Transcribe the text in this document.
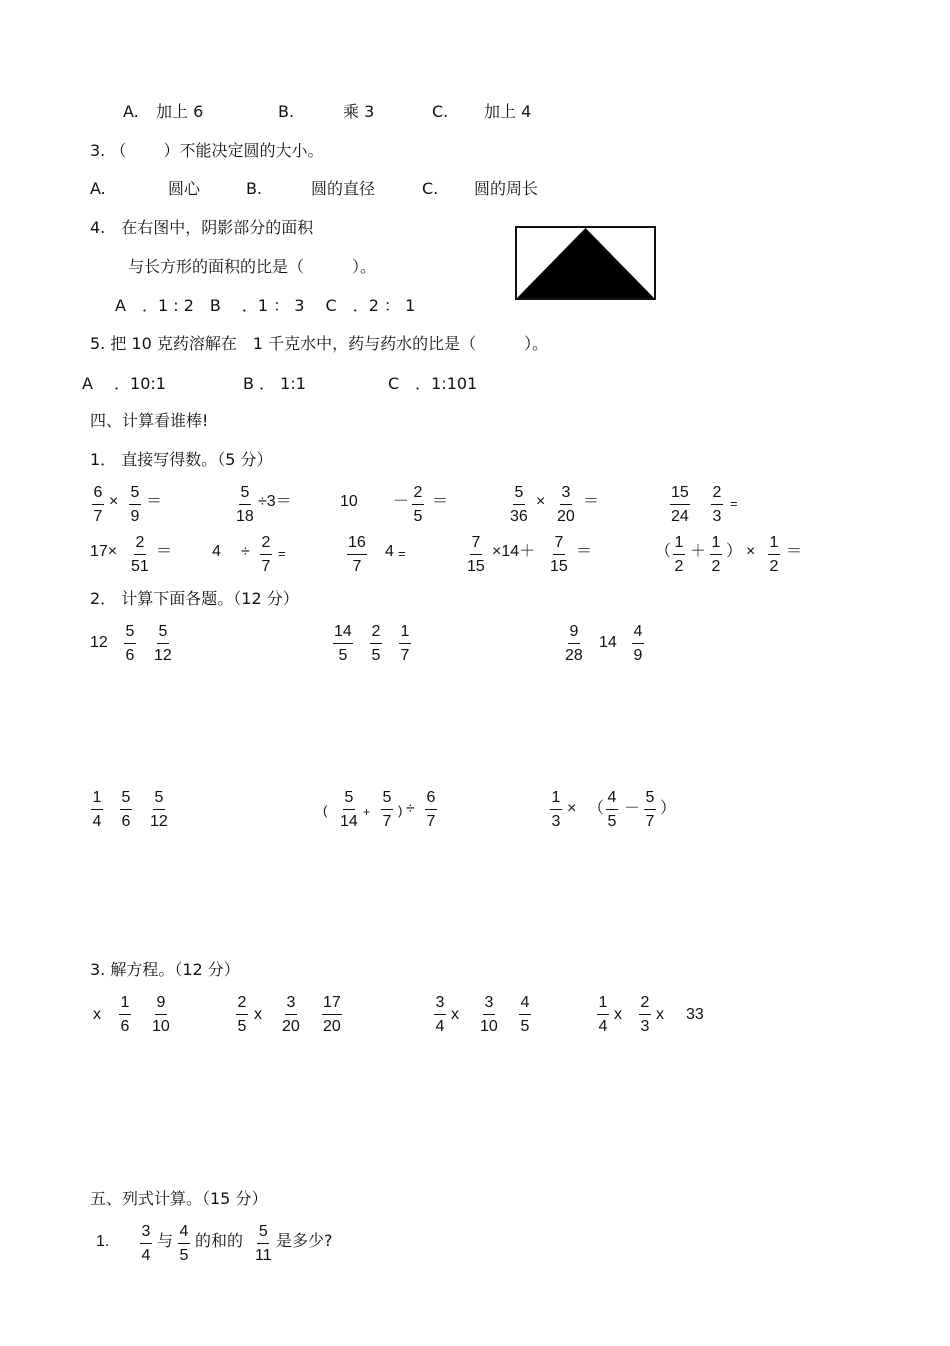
A. 加上 6	B.	乘 3	C. 加上 4
3. （　　 ）不能决定圆的大小。
A.	圆心	B.	圆的直径	C. 圆的周长
4.　在右图中，阴影部分的面积
与长方形的面积的比是（　　　）。
A　．1 : 2　B　 ．1 ： 3　 C　．2 ： 1
5. 把 10 克药溶解在　1 千克水中，药与药水的比是（　　　）。
A　 ．10:1	B ． 1:1	C　．1:101
四、计算看谁棒!
1． 直接写得数。（5 分）
6
7
×
5
9
＝
5
18
÷3＝	10 －
2
5
＝
5
36
×
3
20
＝
15
24
2
3
=
17×
2
51
＝ 4 ÷
2
7
=
16
7
4 =
7
15
×14＋
7
15
＝	（
1
2
＋
1
2
） ×
1
2
＝
2． 计算下面各题。（12 分）
12
5
6
5
12
14
5
2
5
1
7
9
28
14
4
9
1
4
5
6
5
12
(
5
14
+
5
7
) ÷
6
7
1
3
× （
4
5
－
5
7
）
3. 解方程。（12 分）
x
1
6
9
10
2
5
x
3
20
17
20
3
4
x
3
10
4
5
1
4
x
2
3
x 33
五、列式计算。（15 分）
1.
3
4
与 4
5
的和的 5
11
是多少?
